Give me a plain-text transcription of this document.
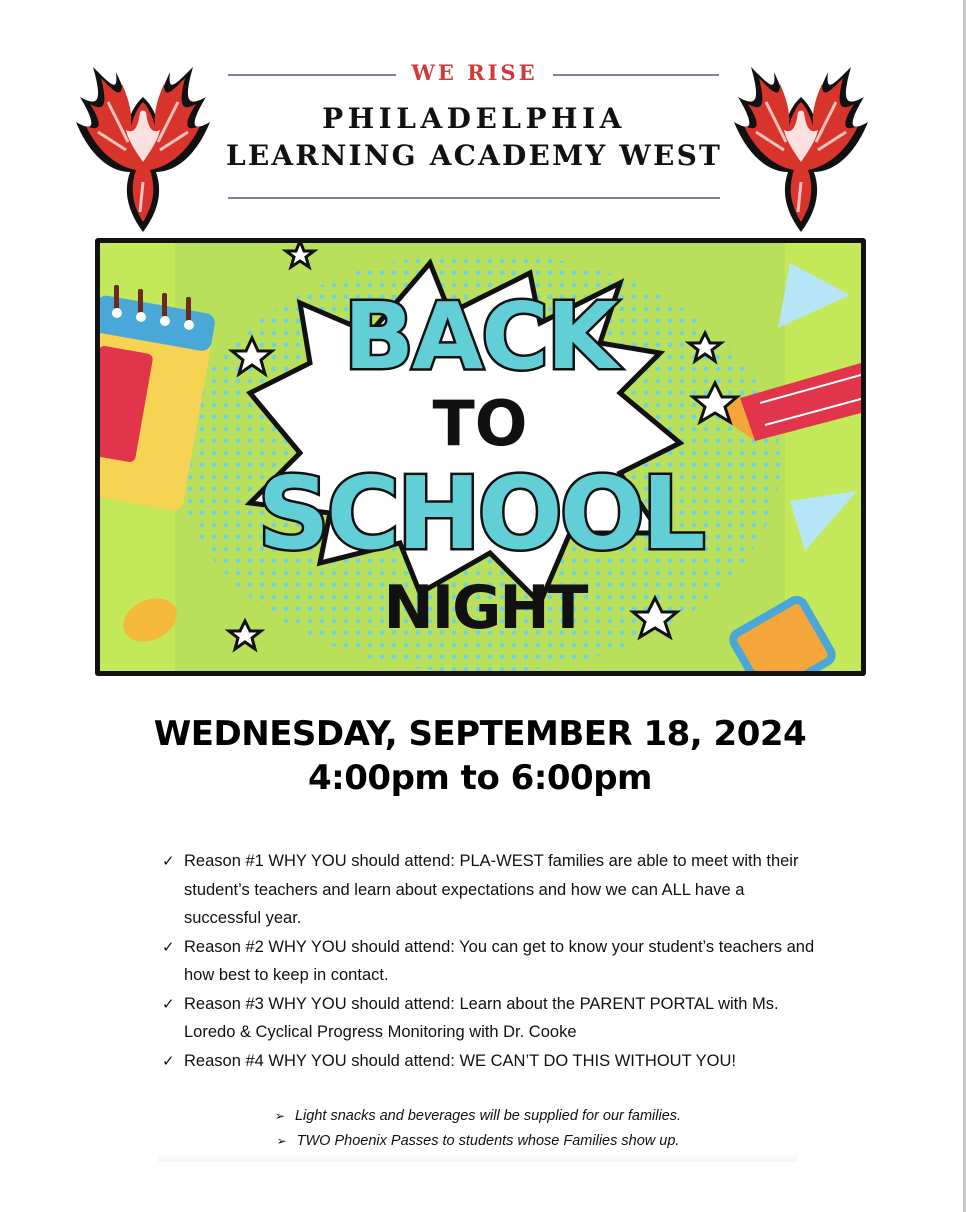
WE RISE
PHILADELPHIA
LEARNING ACADEMY WEST
BACK
TO
SCHOOL
NIGHT
WEDNESDAY, SEPTEMBER 18, 2024
4:00pm to 6:00pm
✓ Reason #1 WHY YOU should attend: PLA-WEST families are able to meet with their student’s teachers and learn about expectations and how we can ALL have a successful year.
✓ Reason #2 WHY YOU should attend: You can get to know your student’s teachers and how best to keep in contact.
✓ Reason #3 WHY YOU should attend: Learn about the PARENT PORTAL with Ms. Loredo & Cyclical Progress Monitoring with Dr. Cooke
✓ Reason #4 WHY YOU should attend: WE CAN’T DO THIS WITHOUT YOU!
➢ Light snacks and beverages will be supplied for our families.
➢ TWO Phoenix Passes to students whose Families show up.
